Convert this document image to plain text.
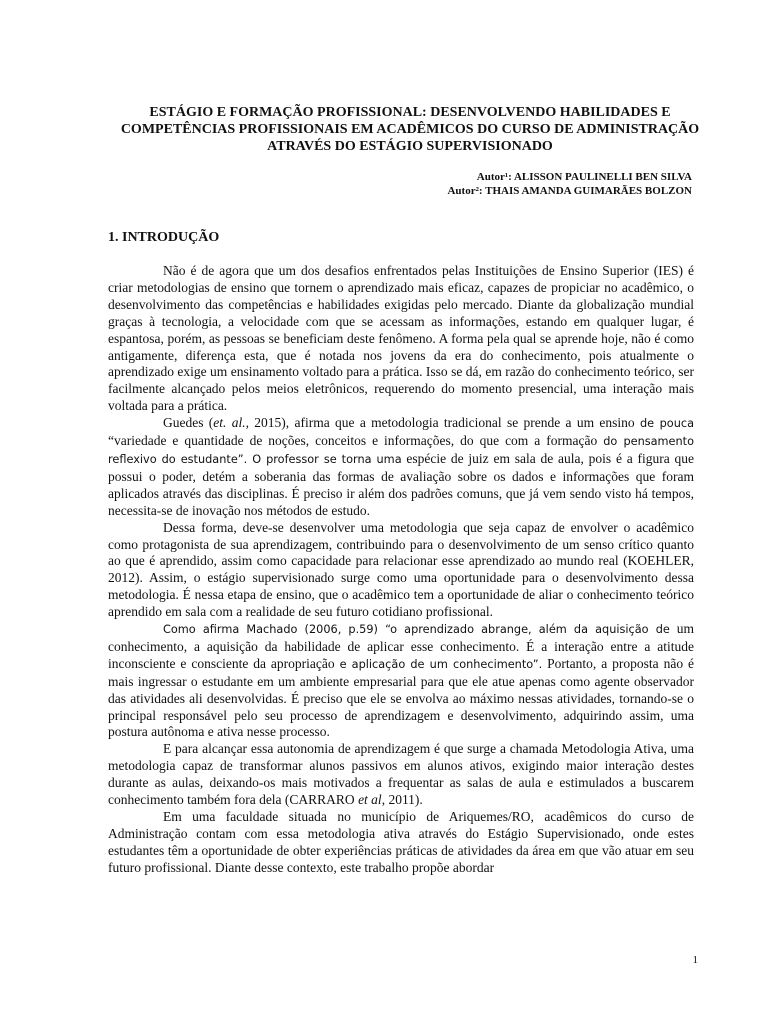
ESTÁGIO E FORMAÇÃO PROFISSIONAL: DESENVOLVENDO HABILIDADES E COMPETÊNCIAS PROFISSIONAIS EM ACADÊMICOS DO CURSO DE ADMINISTRAÇÃO ATRAVÉS DO ESTÁGIO SUPERVISIONADO
Autor¹: ALISSON PAULINELLI BEN SILVA
Autor²: THAIS AMANDA GUIMARÃES BOLZON
1. INTRODUÇÃO

Não é de agora que um dos desafios enfrentados pelas Instituições de Ensino Superior (IES) é criar metodologias de ensino que tornem o aprendizado mais eficaz, capazes de propiciar no acadêmico, o desenvolvimento das competências e habilidades exigidas pelo mercado. Diante da globalização mundial graças à tecnologia, a velocidade com que se acessam as informações, estando em qualquer lugar, é espantosa, porém, as pessoas se beneficiam deste fenômeno. A forma pela qual se aprende hoje, não é como antigamente, diferença esta, que é notada nos jovens da era do conhecimento, pois atualmente o aprendizado exige um ensinamento voltado para a prática. Isso se dá, em razão do conhecimento teórico, ser facilmente alcançado pelos meios eletrônicos, requerendo do momento presencial, uma interação mais voltada para a prática.

Guedes (et. al., 2015), afirma que a metodologia tradicional se prende a um ensino de pouca “variedade e quantidade de noções, conceitos e informações, do que com a formação do pensamento reflexivo do estudante”. O professor se torna uma espécie de juiz em sala de aula, pois é a figura que possui o poder, detém a soberania das formas de avaliação sobre os dados e informações que foram aplicados através das disciplinas. É preciso ir além dos padrões comuns, que já vem sendo visto há tempos, necessita-se de inovação nos métodos de estudo.

Dessa forma, deve-se desenvolver uma metodologia que seja capaz de envolver o acadêmico como protagonista de sua aprendizagem, contribuindo para o desenvolvimento de um senso crítico quanto ao que é aprendido, assim como capacidade para relacionar esse aprendizado ao mundo real (KOEHLER, 2012). Assim, o estágio supervisionado surge como uma oportunidade para o desenvolvimento dessa metodologia. É nessa etapa de ensino, que o acadêmico tem a oportunidade de aliar o conhecimento teórico aprendido em sala com a realidade de seu futuro cotidiano profissional.

Como afirma Machado (2006, p.59) “o aprendizado abrange, além da aquisição de um conhecimento, a aquisição da habilidade de aplicar esse conhecimento. É a interação entre a atitude inconsciente e consciente da apropriação e aplicação de um conhecimento”. Portanto, a proposta não é mais ingressar o estudante em um ambiente empresarial para que ele atue apenas como agente observador das atividades ali desenvolvidas. É preciso que ele se envolva ao máximo nessas atividades, tornando-se o principal responsável pelo seu processo de aprendizagem e desenvolvimento, adquirindo assim, uma postura autônoma e ativa nesse processo.

E para alcançar essa autonomia de aprendizagem é que surge a chamada Metodologia Ativa, uma metodologia capaz de transformar alunos passivos em alunos ativos, exigindo maior interação destes durante as aulas, deixando-os mais motivados a frequentar as salas de aula e estimulados a buscarem conhecimento também fora dela (CARRARO et al, 2011).

Em uma faculdade situada no município de Ariquemes/RO, acadêmicos do curso de Administração contam com essa metodologia ativa através do Estágio Supervisionado, onde estes estudantes têm a oportunidade de obter experiências práticas de atividades da área em que vão atuar em seu futuro profissional. Diante desse contexto, este trabalho propõe abordar

1
